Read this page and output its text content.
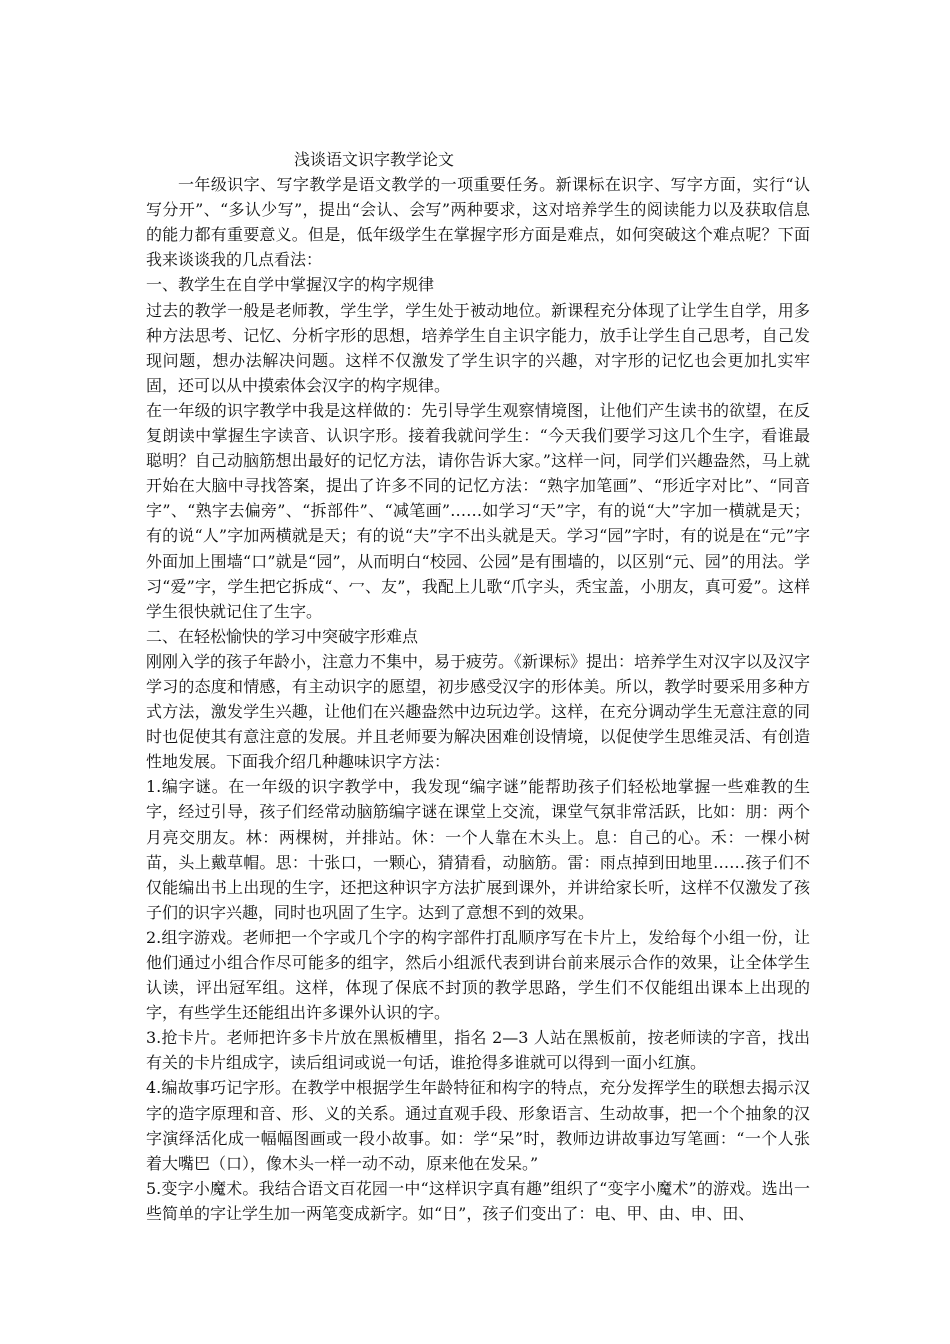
浅谈语文识字教学论文

一年级识字、写字教学是语文教学的一项重要任务。新课标在识字、写字方面，实行“认写分开”、“多认少写”，提出“会认、会写”两种要求，这对培养学生的阅读能力以及获取信息的能力都有重要意义。但是，低年级学生在掌握字形方面是难点，如何突破这个难点呢？下面我来谈谈我的几点看法：

一、教学生在自学中掌握汉字的构字规律

过去的教学一般是老师教，学生学，学生处于被动地位。新课程充分体现了让学生自学，用多种方法思考、记忆、分析字形的思想，培养学生自主识字能力，放手让学生自己思考，自己发现问题，想办法解决问题。这样不仅激发了学生识字的兴趣，对字形的记忆也会更加扎实牢固，还可以从中摸索体会汉字的构字规律。

在一年级的识字教学中我是这样做的：先引导学生观察情境图，让他们产生读书的欲望，在反复朗读中掌握生字读音、认识字形。接着我就问学生：“今天我们要学习这几个生字，看谁最聪明？自己动脑筋想出最好的记忆方法，请你告诉大家。”这样一问，同学们兴趣盎然，马上就开始在大脑中寻找答案，提出了许多不同的记忆方法：“熟字加笔画”、“形近字对比”、“同音字”、“熟字去偏旁”、“拆部件”、“减笔画”……如学习“天”字，有的说“大”字加一横就是天；有的说“人”字加两横就是天；有的说“夫”字不出头就是天。学习“园”字时，有的说是在“元”字外面加上围墙“口”就是“园”，从而明白“校园、公园”是有围墙的，以区别“元、园”的用法。学习“爱”字，学生把它拆成“、冖、友”，我配上儿歌“爪字头，秃宝盖，小朋友，真可爱”。这样学生很快就记住了生字。

二、在轻松愉快的学习中突破字形难点

刚刚入学的孩子年龄小，注意力不集中，易于疲劳。《新课标》提出：培养学生对汉字以及汉字学习的态度和情感，有主动识字的愿望，初步感受汉字的形体美。所以，教学时要采用多种方式方法，激发学生兴趣，让他们在兴趣盎然中边玩边学。这样，在充分调动学生无意注意的同时也促使其有意注意的发展。并且老师要为解决困难创设情境，以促使学生思维灵活、有创造性地发展。下面我介绍几种趣味识字方法：

1.编字谜。在一年级的识字教学中，我发现“编字谜”能帮助孩子们轻松地掌握一些难教的生字，经过引导，孩子们经常动脑筋编字谜在课堂上交流，课堂气氛非常活跃，比如：朋：两个月亮交朋友。林：两棵树，并排站。休：一个人靠在木头上。息：自己的心。禾：一棵小树苗，头上戴草帽。思：十张口，一颗心，猜猜看，动脑筋。雷：雨点掉到田地里……孩子们不仅能编出书上出现的生字，还把这种识字方法扩展到课外，并讲给家长听，这样不仅激发了孩子们的识字兴趣，同时也巩固了生字。达到了意想不到的效果。

2.组字游戏。老师把一个字或几个字的构字部件打乱顺序写在卡片上，发给每个小组一份，让他们通过小组合作尽可能多的组字，然后小组派代表到讲台前来展示合作的效果，让全体学生认读，评出冠军组。这样，体现了保底不封顶的教学思路，学生们不仅能组出课本上出现的字，有些学生还能组出许多课外认识的字。

3.抢卡片。老师把许多卡片放在黑板槽里，指名 2—3 人站在黑板前，按老师读的字音，找出有关的卡片组成字，读后组词或说一句话，谁抢得多谁就可以得到一面小红旗。

4.编故事巧记字形。在教学中根据学生年龄特征和构字的特点，充分发挥学生的联想去揭示汉字的造字原理和音、形、义的关系。通过直观手段、形象语言、生动故事，把一个个抽象的汉字演绎活化成一幅幅图画或一段小故事。如：学“呆”时，教师边讲故事边写笔画：“一个人张着大嘴巴（口），像木头一样一动不动，原来他在发呆。”

5.变字小魔术。我结合语文百花园一中“这样识字真有趣”组织了“变字小魔术”的游戏。选出一些简单的字让学生加一两笔变成新字。如“日”，孩子们变出了：电、甲、由、申、田、
